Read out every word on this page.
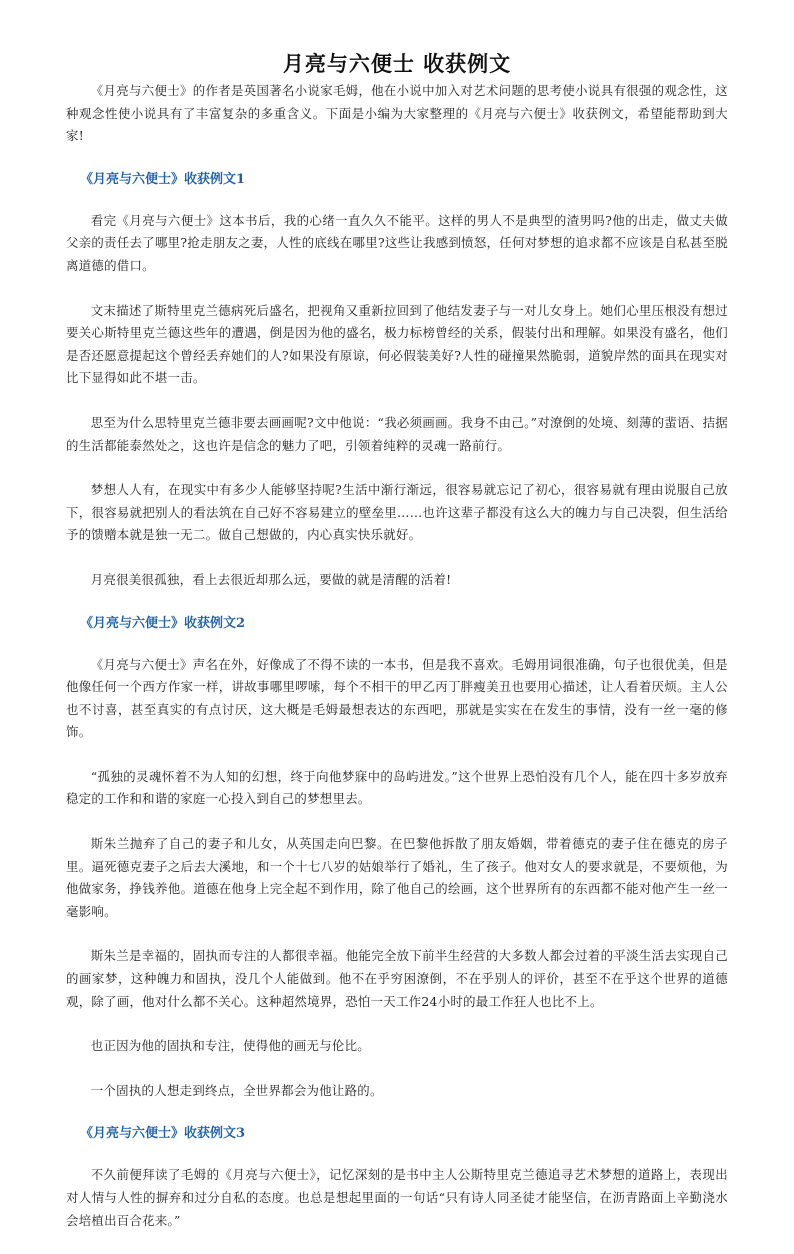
月亮与六便士 收获例文

《月亮与六便士》的作者是英国著名小说家毛姆，他在小说中加入对艺术问题的思考使小说具有很强的观念性，这种观念性使小说具有了丰富复杂的多重含义。下面是小编为大家整理的《月亮与六便士》收获例文，希望能帮助到大家!

《月亮与六便士》收获例文1

看完《月亮与六便士》这本书后，我的心绪一直久久不能平。这样的男人不是典型的渣男吗?他的出走，做丈夫做父亲的责任去了哪里?抢走朋友之妻，人性的底线在哪里?这些让我感到愤怒，任何对梦想的追求都不应该是自私甚至脱离道德的借口。

文末描述了斯特里克兰德病死后盛名，把视角又重新拉回到了他结发妻子与一对儿女身上。她们心里压根没有想过要关心斯特里克兰德这些年的遭遇，倒是因为他的盛名，极力标榜曾经的关系，假装付出和理解。如果没有盛名，他们是否还愿意提起这个曾经丢弃她们的人?如果没有原谅，何必假装美好?人性的碰撞果然脆弱，道貌岸然的面具在现实对比下显得如此不堪一击。

思至为什么思特里克兰德非要去画画呢?文中他说：“我必须画画。我身不由己。”对潦倒的处境、刻薄的蜚语、拮据的生活都能泰然处之，这也许是信念的魅力了吧，引领着纯粹的灵魂一路前行。

梦想人人有，在现实中有多少人能够坚持呢?生活中渐行渐远，很容易就忘记了初心，很容易就有理由说服自己放下，很容易就把别人的看法筑在自己好不容易建立的壁垒里……也许这辈子都没有这么大的魄力与自己决裂，但生活给予的馈赠本就是独一无二。做自己想做的，内心真实快乐就好。

月亮很美很孤独，看上去很近却那么远，要做的就是清醒的活着!

《月亮与六便士》收获例文2

《月亮与六便士》声名在外，好像成了不得不读的一本书，但是我不喜欢。毛姆用词很准确，句子也很优美，但是他像任何一个西方作家一样，讲故事哪里啰嗦，每个不相干的甲乙丙丁胖瘦美丑也要用心描述，让人看着厌烦。主人公也不讨喜，甚至真实的有点讨厌，这大概是毛姆最想表达的东西吧，那就是实实在在发生的事情，没有一丝一毫的修饰。

“孤独的灵魂怀着不为人知的幻想，终于向他梦寐中的岛屿进发。”这个世界上恐怕没有几个人，能在四十多岁放弃稳定的工作和和谐的家庭一心投入到自己的梦想里去。

斯朱兰抛弃了自己的妻子和儿女，从英国走向巴黎。在巴黎他拆散了朋友婚姻，带着德克的妻子住在德克的房子里。逼死德克妻子之后去大溪地，和一个十七八岁的姑娘举行了婚礼，生了孩子。他对女人的要求就是，不要烦他，为他做家务，挣钱养他。道德在他身上完全起不到作用，除了他自己的绘画，这个世界所有的东西都不能对他产生一丝一毫影响。

斯朱兰是幸福的，固执而专注的人都很幸福。他能完全放下前半生经营的大多数人都会过着的平淡生活去实现自己的画家梦，这种魄力和固执，没几个人能做到。他不在乎穷困潦倒，不在乎别人的评价，甚至不在乎这个世界的道德观，除了画，他对什么都不关心。这种超然境界，恐怕一天工作24小时的最工作狂人也比不上。

也正因为他的固执和专注，使得他的画无与伦比。

一个固执的人想走到终点，全世界都会为他让路的。

《月亮与六便士》收获例文3

不久前便拜读了毛姆的《月亮与六便士》，记忆深刻的是书中主人公斯特里克兰德追寻艺术梦想的道路上，表现出对人情与人性的摒弃和过分自私的态度。也总是想起里面的一句话“只有诗人同圣徒才能坚信，在沥青路面上辛勤浇水会培植出百合花来。”
